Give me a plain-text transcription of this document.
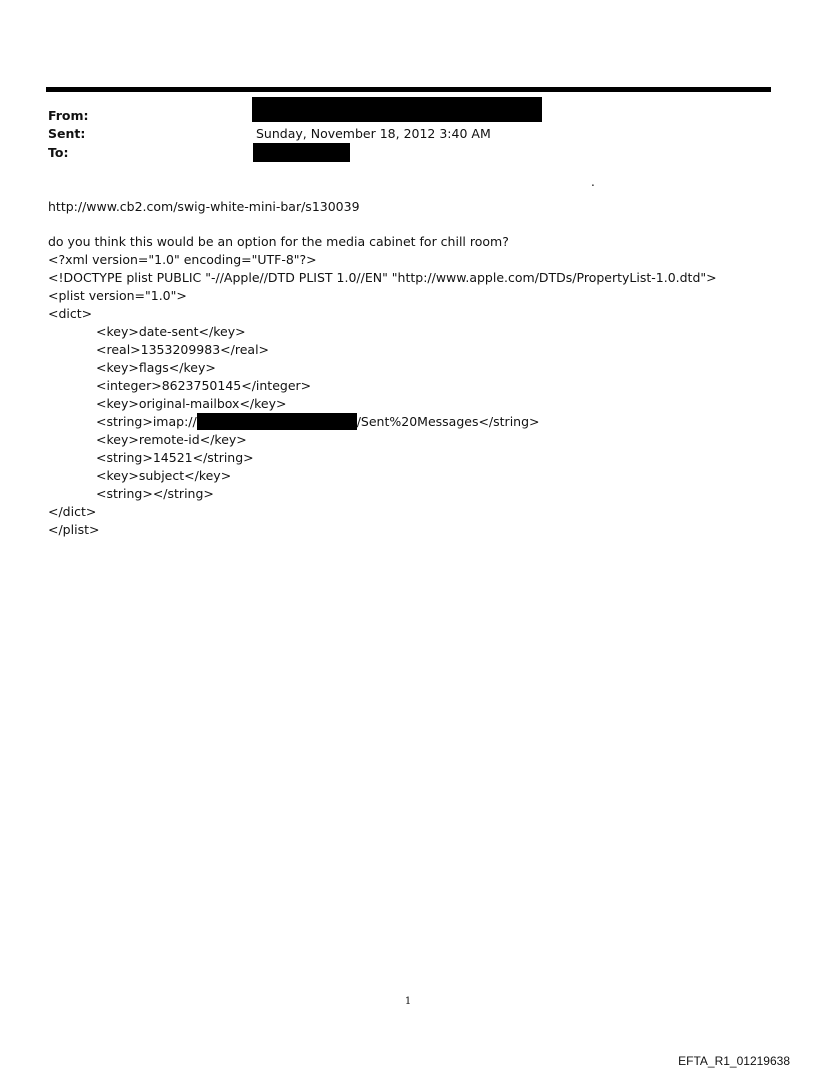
From:
Sent:	Sunday, November 18, 2012 3:40 AM
To:
.
http://www.cb2.com/swig-white-mini-bar/s130039
do you think this would be an option for the media cabinet for chill room?
<?xml version="1.0" encoding="UTF-8"?>
<!DOCTYPE plist PUBLIC "-//Apple//DTD PLIST 1.0//EN" "http://www.apple.com/DTDs/PropertyList-1.0.dtd">
<plist version="1.0">
<dict>
<key>date-sent</key>
<real>1353209983</real>
<key>flags</key>
<integer>8623750145</integer>
<key>original-mailbox</key>
<string>imap://	/Sent%20Messages</string>
<key>remote-id</key>
<string>14521</string>
<key>subject</key>
<string></string>
</dict>
</plist>
1
EFTA_R1_01219638
